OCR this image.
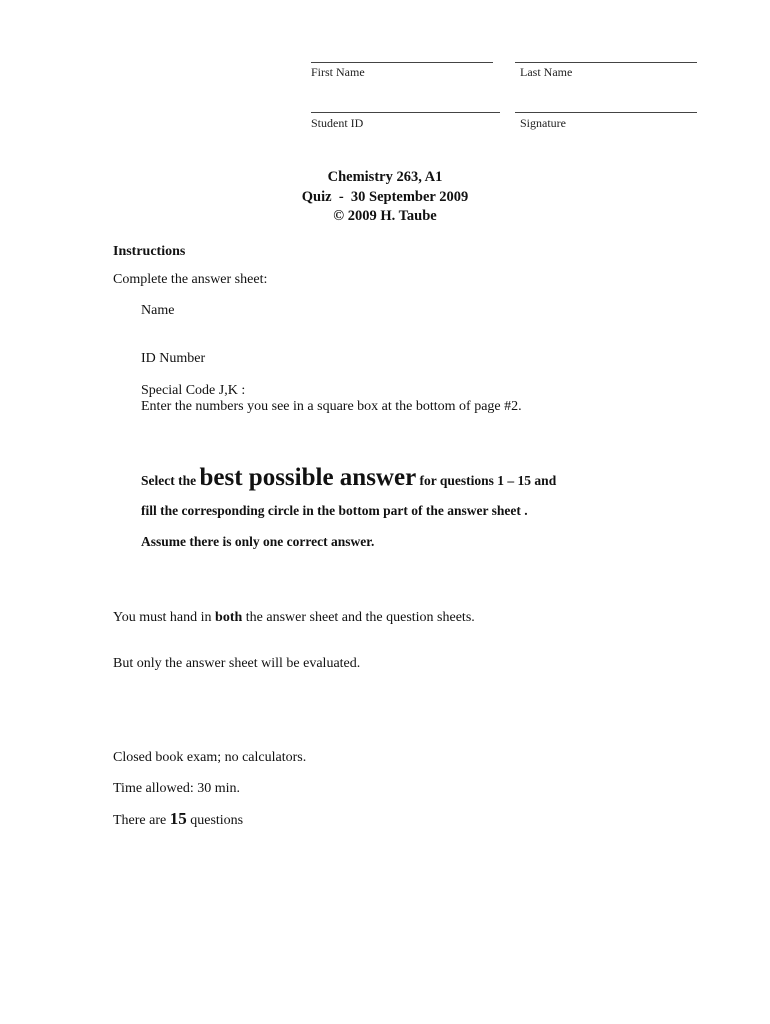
First Name	Last Name
Student ID	Signature
Chemistry 263, A1
Quiz  -  30 September 2009
© 2009 H. Taube
Instructions
Complete the answer sheet:
Name
ID Number
Special Code J,K :
Enter the numbers you see in a square box at the bottom of page #2.
Select the best possible answer for questions 1 – 15 and
fill the corresponding circle in the bottom part of the answer sheet .
Assume there is only one correct answer.
You must hand in both the answer sheet and the question sheets.
But only the answer sheet will be evaluated.
Closed book exam; no calculators.
Time allowed: 30 min.
There are 15 questions
